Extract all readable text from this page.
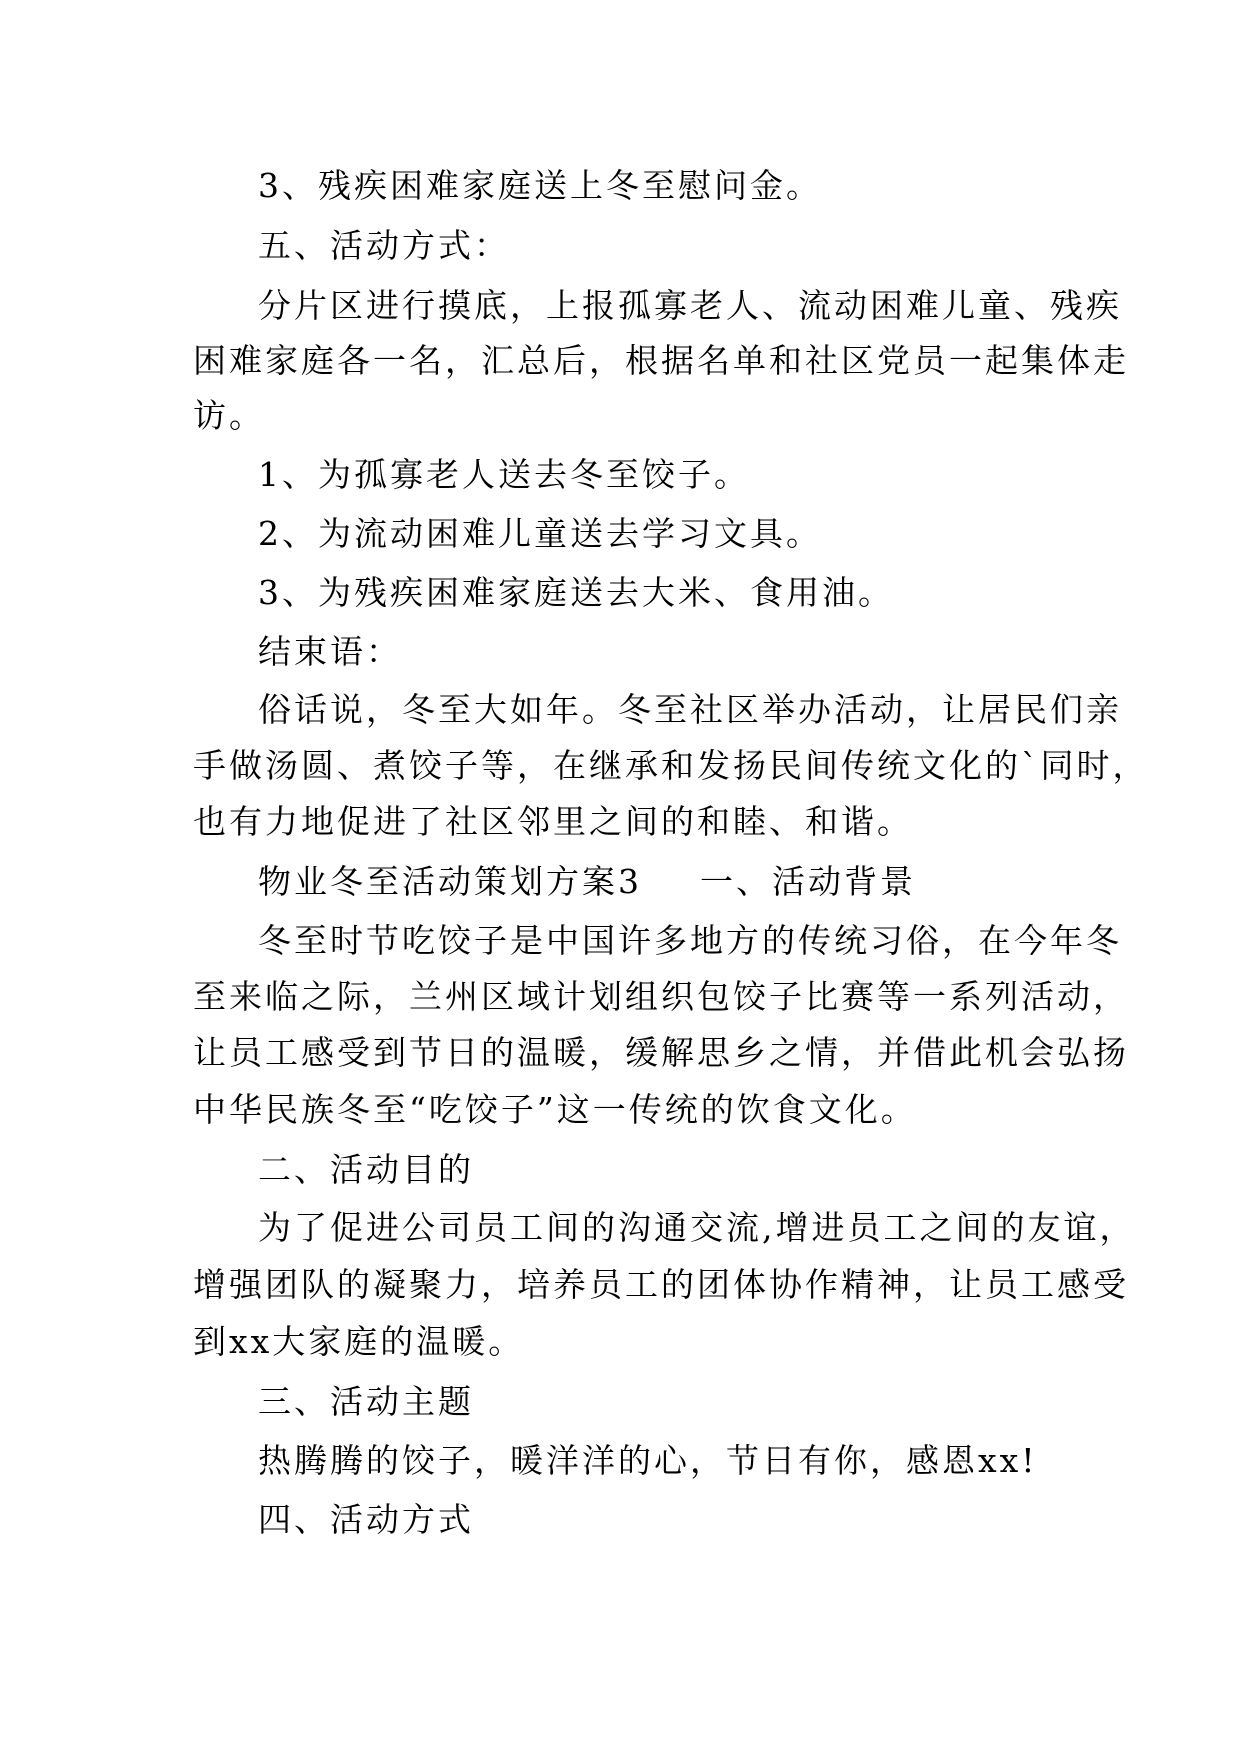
3、残疾困难家庭送上冬至慰问金。
五、活动方式：
分片区进行摸底，上报孤寡老人、流动困难儿童、残疾
困难家庭各一名，汇总后，根据名单和社区党员一起集体走
访。
1、为孤寡老人送去冬至饺子。
2、为流动困难儿童送去学习文具。
3、为残疾困难家庭送去大米、食用油。
结束语：
俗话说，冬至大如年。冬至社区举办活动，让居民们亲
手做汤圆、煮饺子等，在继承和发扬民间传统文化的`同时，
也有力地促进了社区邻里之间的和睦、和谐。
物业冬至活动策划方案3 一、活动背景
冬至时节吃饺子是中国许多地方的传统习俗，在今年冬
至来临之际，兰州区域计划组织包饺子比赛等一系列活动，
让员工感受到节日的温暖，缓解思乡之情，并借此机会弘扬
中华民族冬至“吃饺子”这一传统的饮食文化。
二、活动目的
为了促进公司员工间的沟通交流,增进员工之间的友谊，
增强团队的凝聚力，培养员工的团体协作精神，让员工感受
到xx大家庭的温暖。
三、活动主题
热腾腾的饺子，暖洋洋的心，节日有你，感恩xx!
四、活动方式
